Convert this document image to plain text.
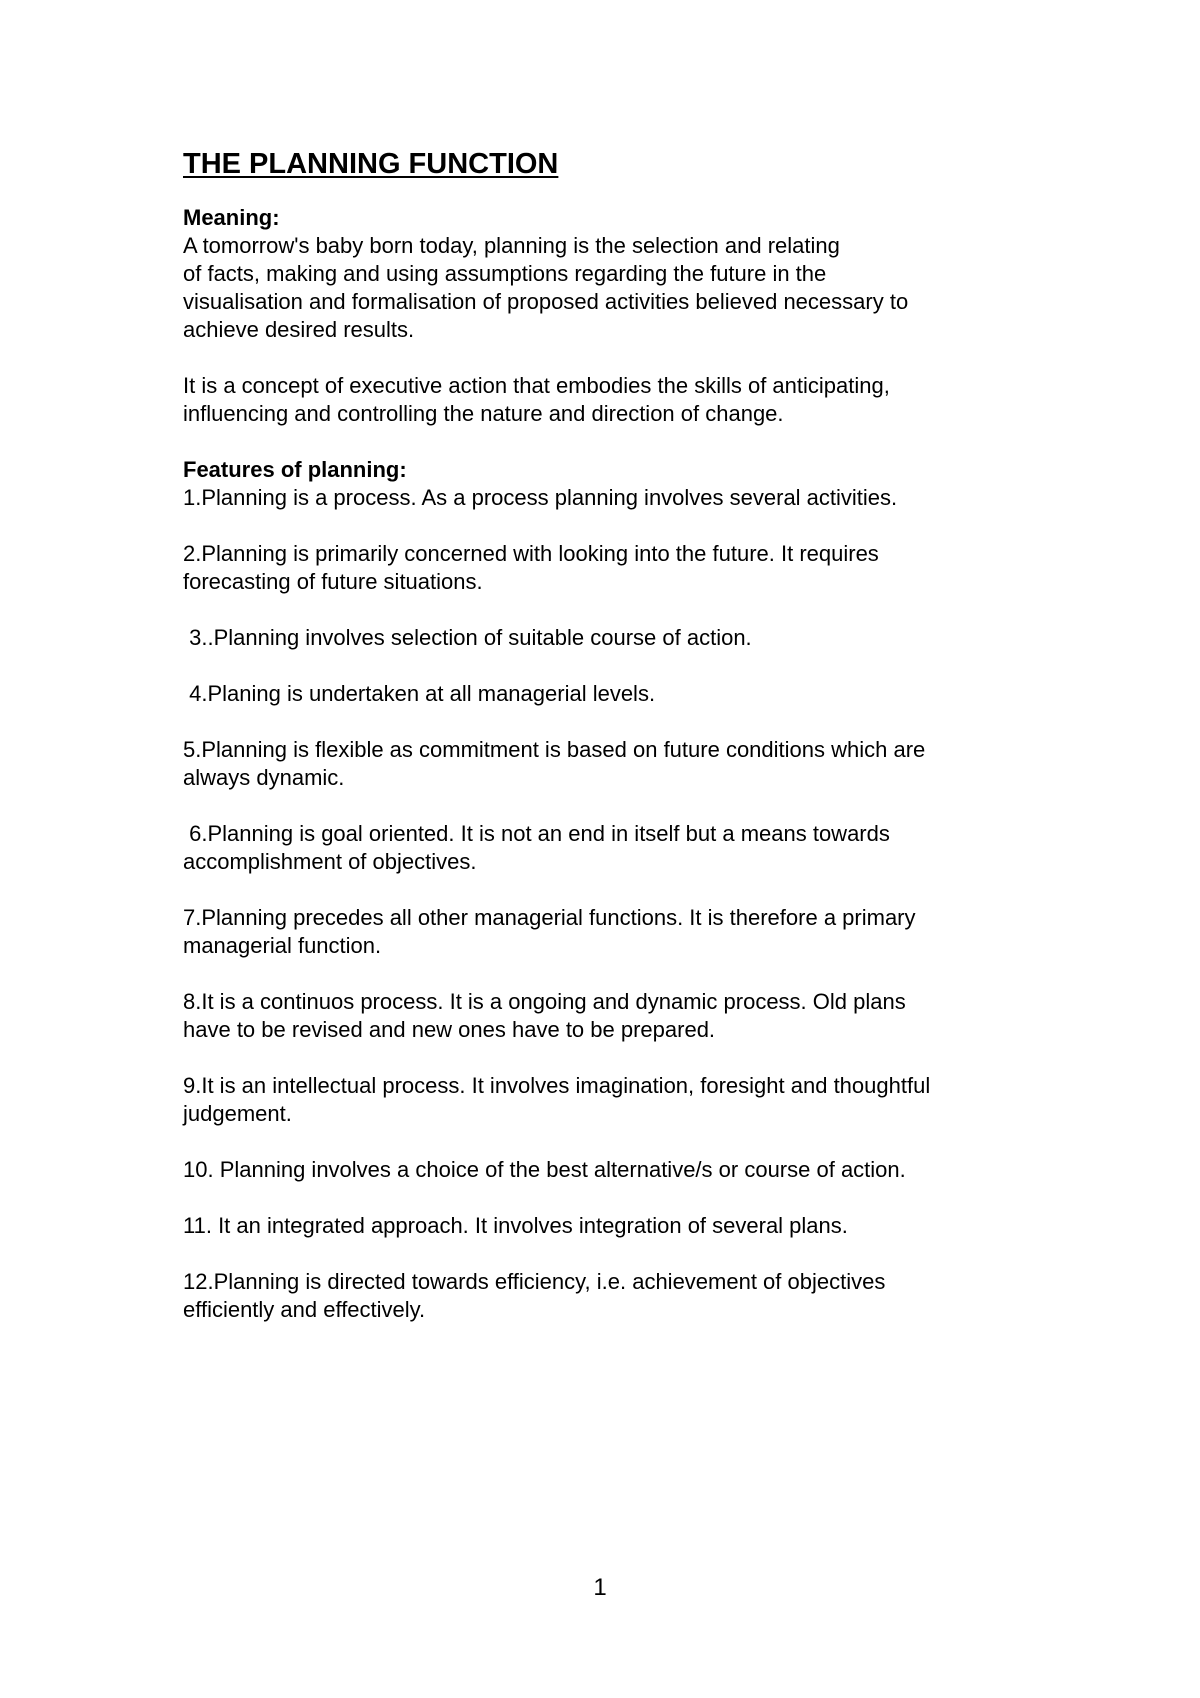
THE PLANNING FUNCTION
Meaning:
A tomorrow's baby born today, planning is the selection and relating
of facts, making and using assumptions regarding the future in the
visualisation and formalisation of proposed activities believed necessary to
achieve desired results.
It is a concept of executive action that embodies the skills of anticipating,
influencing and controlling the nature and direction of change.
Features of planning:
1.Planning is a process. As a process planning involves several activities.
2.Planning is primarily concerned with looking into the future. It requires
forecasting of future situations.
3..Planning involves selection of suitable course of action.
4.Planing is undertaken at all managerial levels.
5.Planning is flexible as commitment is based on future conditions which are
always dynamic.
6.Planning is goal oriented. It is not an end in itself but a means towards
accomplishment of objectives.
7.Planning precedes all other managerial functions. It is therefore a primary
managerial function.
8.It is a continuos process. It is a ongoing and dynamic process. Old plans
have to be revised and new ones have to be prepared.
9.It is an intellectual process. It involves imagination, foresight and thoughtful
judgement.
10. Planning involves a choice of the best alternative/s or course of action.
11. It an integrated approach. It involves integration of several plans.
12.Planning is directed towards efficiency, i.e. achievement of objectives
efficiently and effectively.
1
